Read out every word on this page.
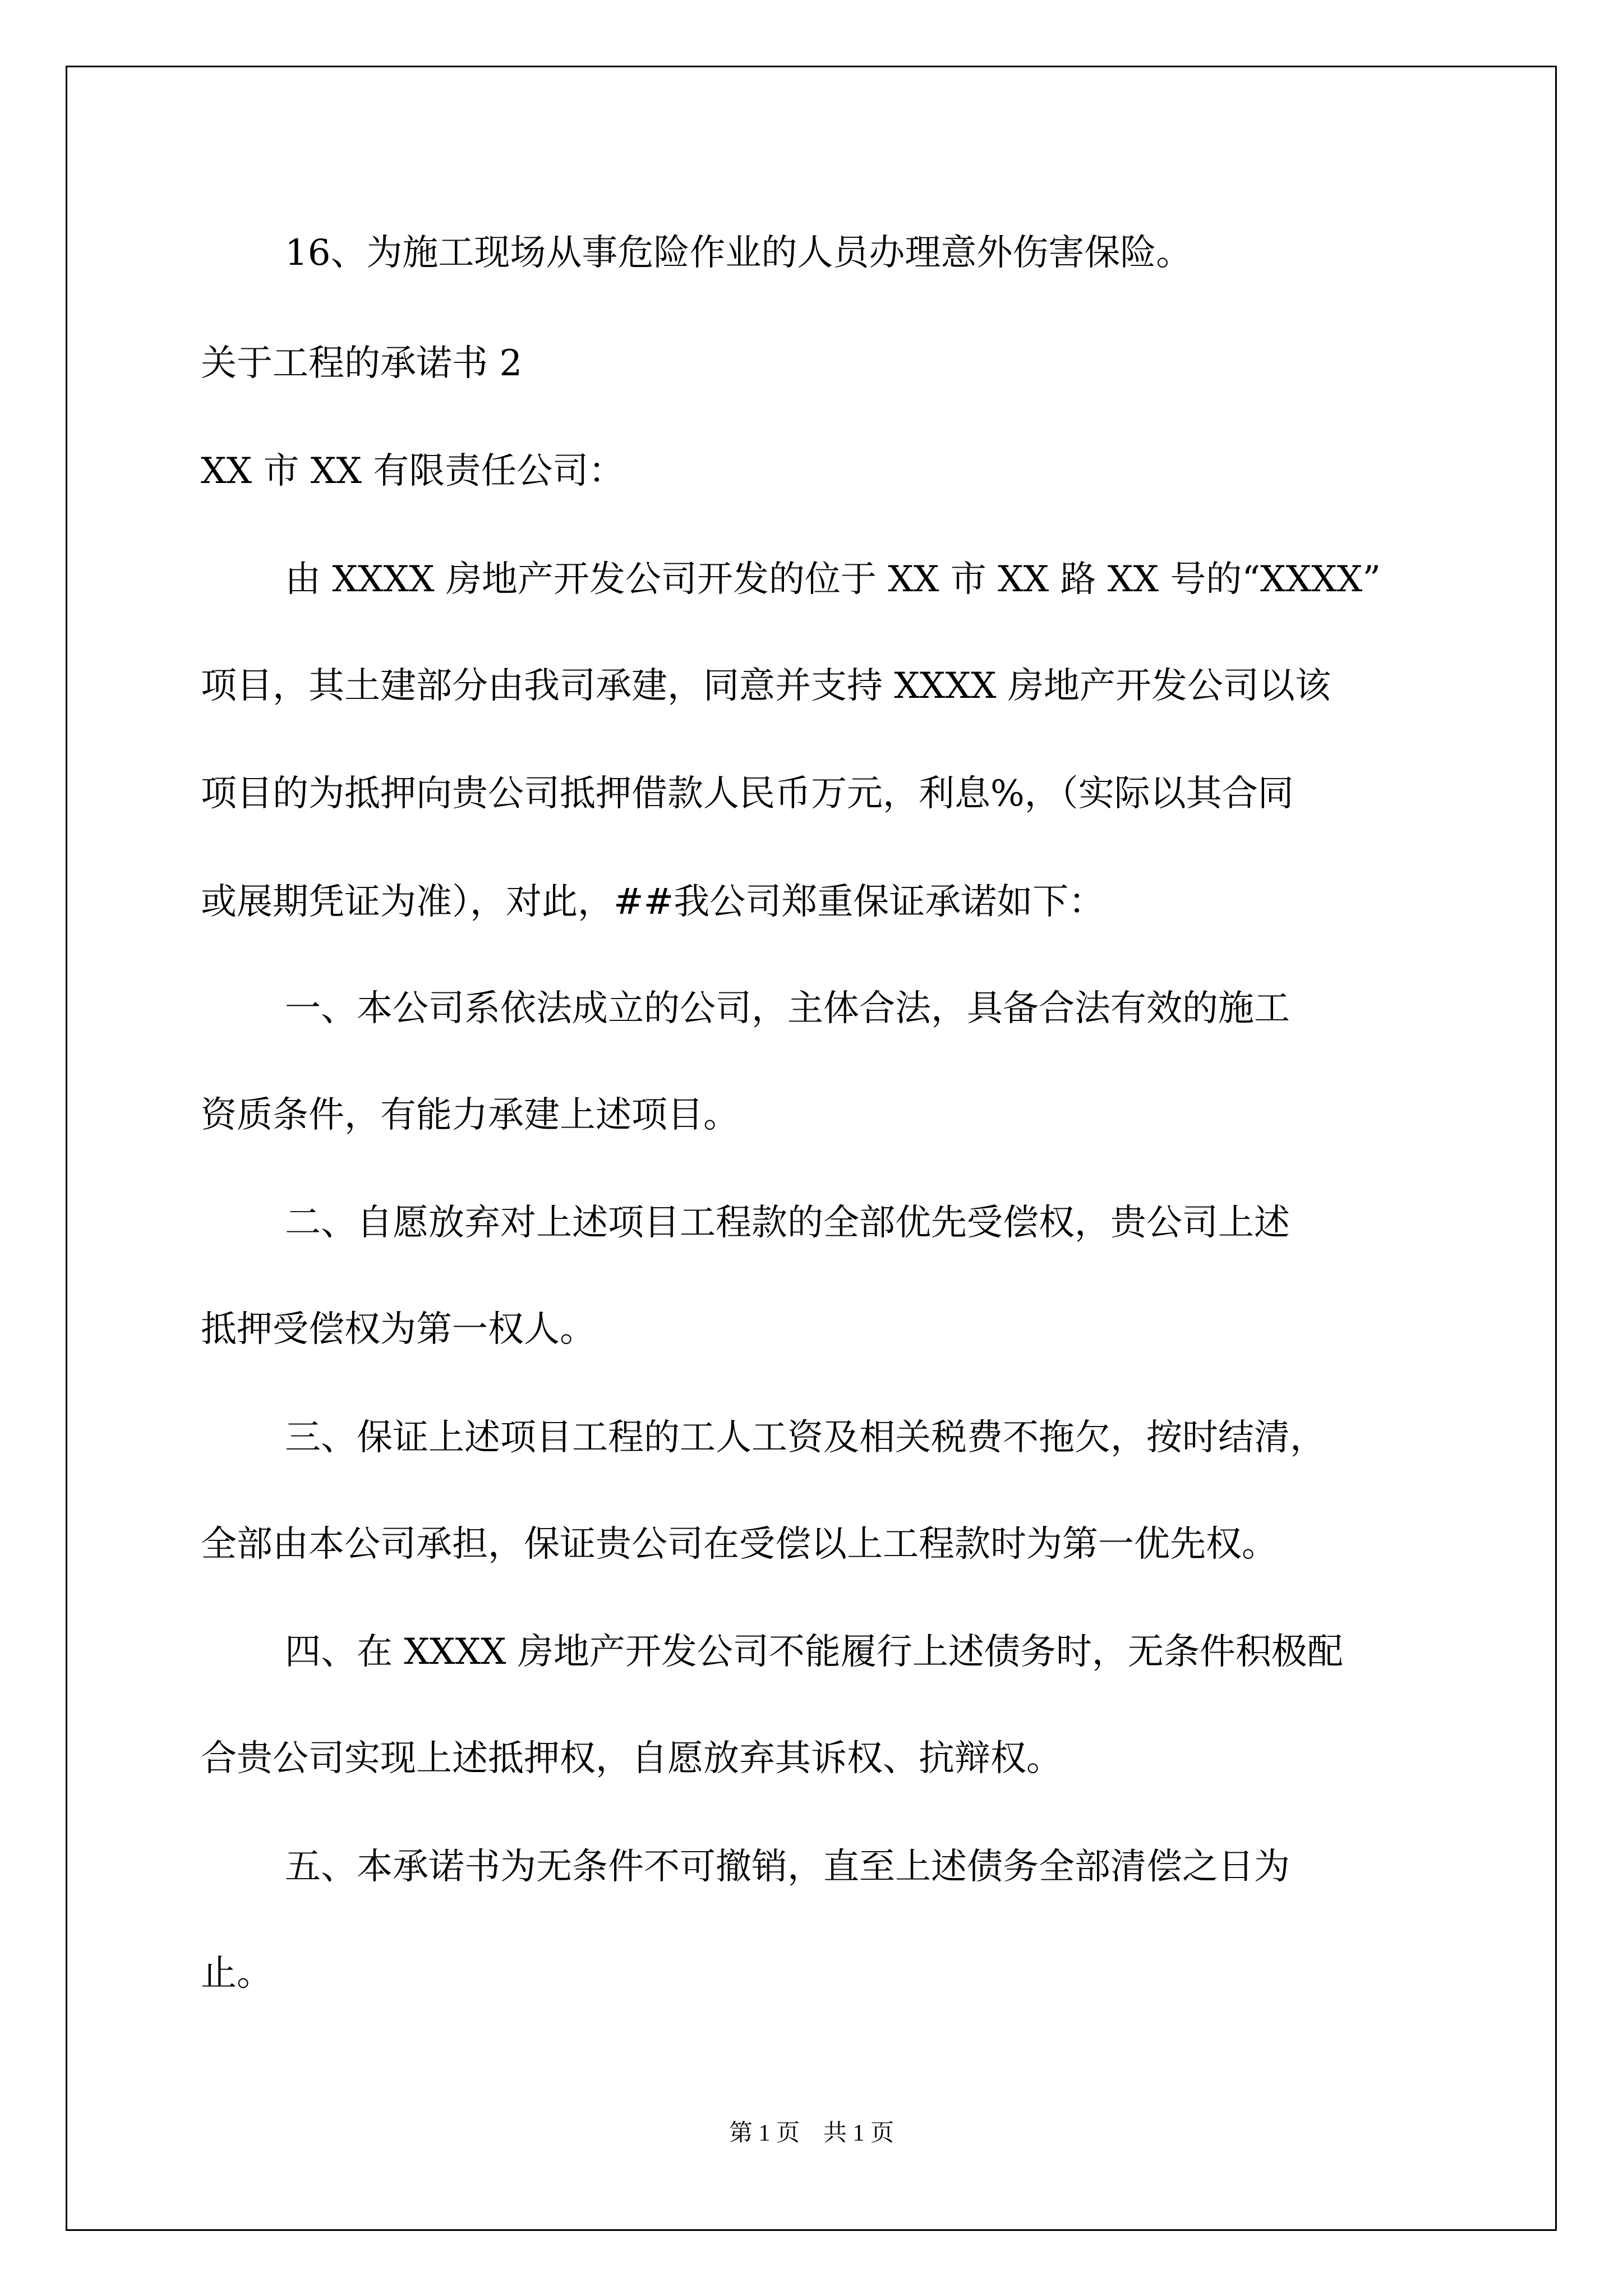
16、为施工现场从事危险作业的人员办理意外伤害保险。
关于工程的承诺书 2
XX 市 XX 有限责任公司：
由 XXXX 房地产开发公司开发的位于 XX 市 XX 路 XX 号的“XXXX”
项目，其土建部分由我司承建，同意并支持 XXXX 房地产开发公司以该
项目的为抵押向贵公司抵押借款人民币万元，利息%，（实际以其合同
或展期凭证为准），对此，##我公司郑重保证承诺如下：
一、本公司系依法成立的公司，主体合法，具备合法有效的施工
资质条件，有能力承建上述项目。
二、自愿放弃对上述项目工程款的全部优先受偿权，贵公司上述
抵押受偿权为第一权人。
三、保证上述项目工程的工人工资及相关税费不拖欠，按时结清，
全部由本公司承担，保证贵公司在受偿以上工程款时为第一优先权。
四、在 XXXX 房地产开发公司不能履行上述债务时，无条件积极配
合贵公司实现上述抵押权，自愿放弃其诉权、抗辩权。
五、本承诺书为无条件不可撤销，直至上述债务全部清偿之日为
止。
第 1 页　共 1 页
